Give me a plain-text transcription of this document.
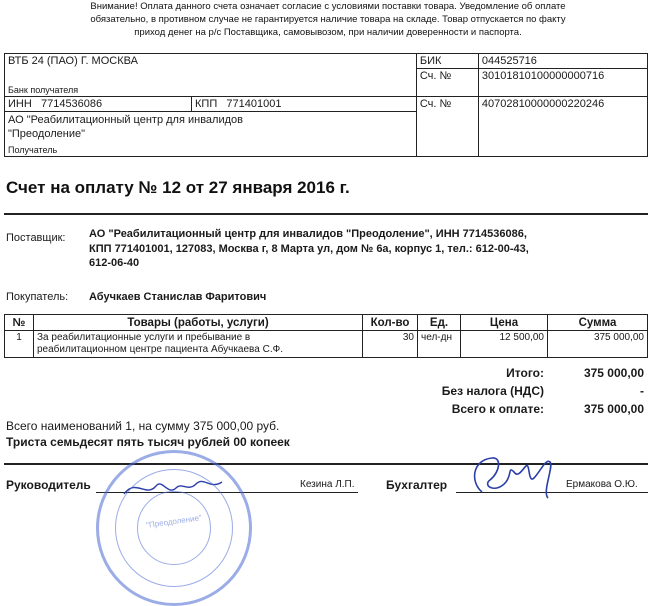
Внимание! Оплата данного счета означает согласие с условиями поставки товара. Уведомление об оплате
обязательно, в противном случае не гарантируется наличие товара на складе. Товар отпускается по факту
приход денег на р/с Поставщика, самовывозом, при наличии доверенности и паспорта.
ВТБ 24 (ПАО) Г. МОСКВА		БИК	044525716
		Сч. №	30101810100000000716
Банк получателя			
ИНН 7714536086	КПП 771401001	Сч. №	40702810000000220246

АО "Реабилитационный центр для инвалидов "Преодоление"
Получатель			
Счет на оплату № 12 от 27 января 2016 г.
Поставщик: АО "Реабилитационный центр для инвалидов "Преодоление", ИНН 7714536086,
КПП 771401001, 127083, Москва г, 8 Марта ул, дом № 6а, корпус 1, тел.: 612-00-43,
612-06-40
Покупатель: Абучкаев Станислав Фаритович
№	Товары (работы, услуги)	Кол-во	Ед.	Цена	Сумма
1	За реабилитационные услуги и пребывание в
реабилитационном центре пациента Абучкаева С.Ф.	30	чел-дн	12 500,00	375 000,00
Итого:	375 000,00
Без налога (НДС)	-
Всего к оплате:	375 000,00
Всего наименований 1, на сумму 375 000,00 руб.
Триста семьдесят пять тысяч рублей 00 копеек
Руководитель	Кезина Л.П.	Бухгалтер	Ермакова О.Ю.
"Преодоление"
